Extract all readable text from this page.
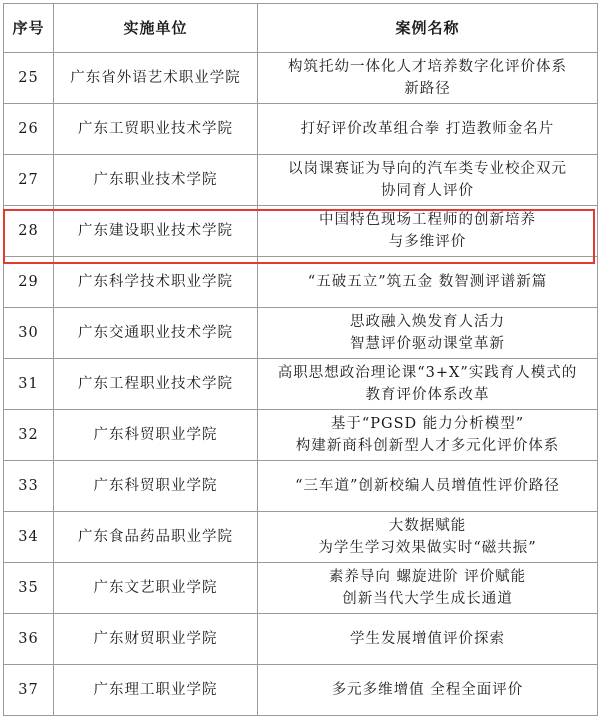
序号	实施单位	案例名称
25	广东省外语艺术职业学院	构筑托幼一体化人才培养数字化评价体系
新路径

26	广东工贸职业技术学院	打好评价改革组合拳 打造教师金名片

27	广东职业技术学院	以岗课赛证为导向的汽车类专业校企双元
协同育人评价

28	广东建设职业技术学院	中国特色现场工程师的创新培养
与多维评价

29	广东科学技术职业学院	“五破五立”筑五金 数智测评谱新篇

30	广东交通职业技术学院	思政融入焕发育人活力
智慧评价驱动课堂革新

31	广东工程职业技术学院	高职思想政治理论课“3+X”实践育人模式的
教育评价体系改革

32	广东科贸职业学院	基于“PGSD 能力分析模型”
构建新商科创新型人才多元化评价体系

33	广东科贸职业学院	“三车道”创新校编人员增值性评价路径

34	广东食品药品职业学院	大数据赋能
为学生学习效果做实时“磁共振”

35	广东文艺职业学院	素养导向 螺旋进阶 评价赋能
创新当代大学生成长通道

36	广东财贸职业学院	学生发展增值评价探索

37	广东理工职业学院	多元多维增值 全程全面评价
